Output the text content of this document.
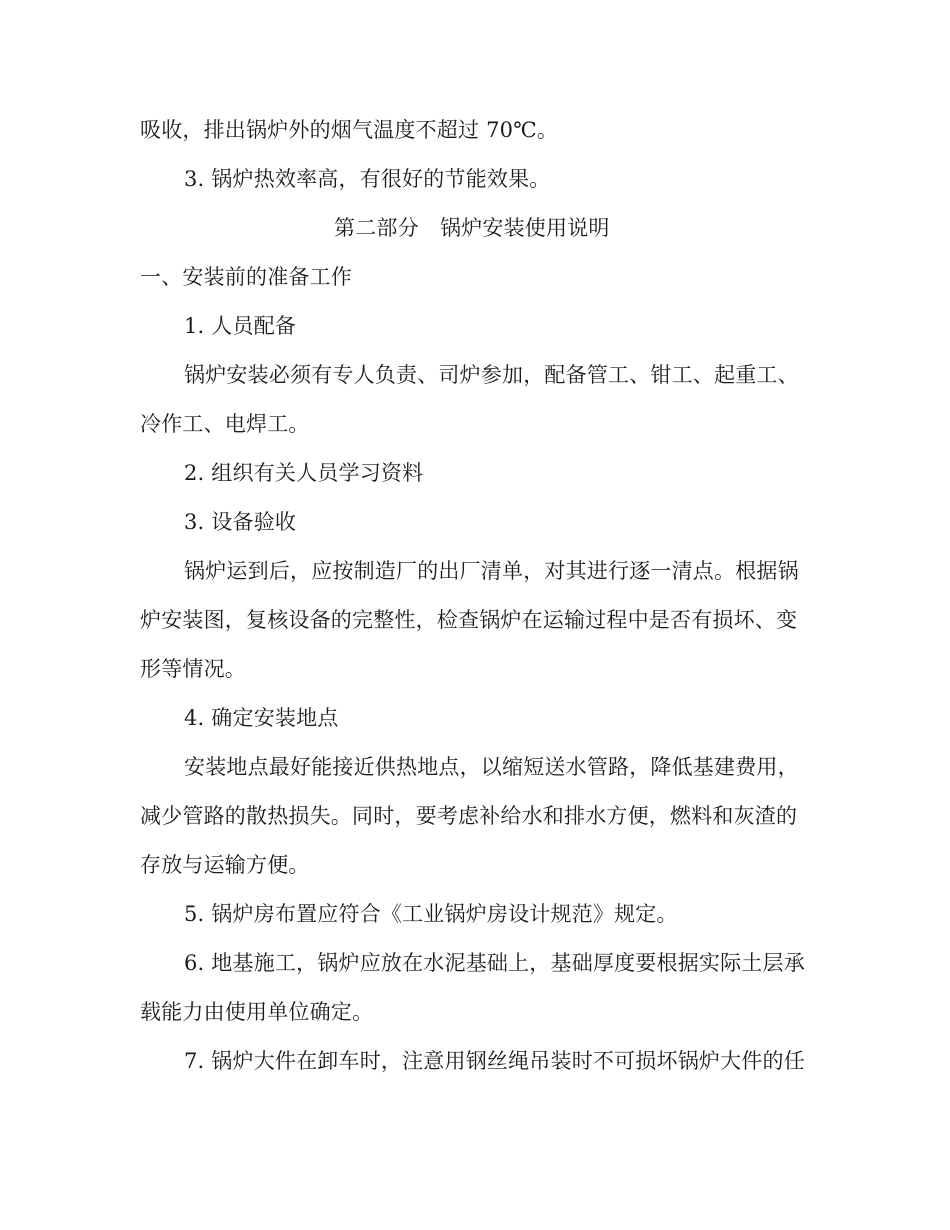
吸收，排出锅炉外的烟气温度不超过 70℃。
3. 锅炉热效率高，有很好的节能效果。
第二部分　锅炉安装使用说明
一、安装前的准备工作
1. 人员配备
锅炉安装必须有专人负责、司炉参加，配备管工、钳工、起重工、
冷作工、电焊工。
2. 组织有关人员学习资料
3. 设备验收
锅炉运到后，应按制造厂的出厂清单，对其进行逐一清点。根据锅
炉安装图，复核设备的完整性，检查锅炉在运输过程中是否有损坏、变
形等情况。
4. 确定安装地点
安装地点最好能接近供热地点，以缩短送水管路，降低基建费用，
减少管路的散热损失。同时，要考虑补给水和排水方便，燃料和灰渣的
存放与运输方便。
5. 锅炉房布置应符合《工业锅炉房设计规范》规定。
6. 地基施工，锅炉应放在水泥基础上，基础厚度要根据实际土层承
载能力由使用单位确定。
7. 锅炉大件在卸车时，注意用钢丝绳吊装时不可损坏锅炉大件的任
